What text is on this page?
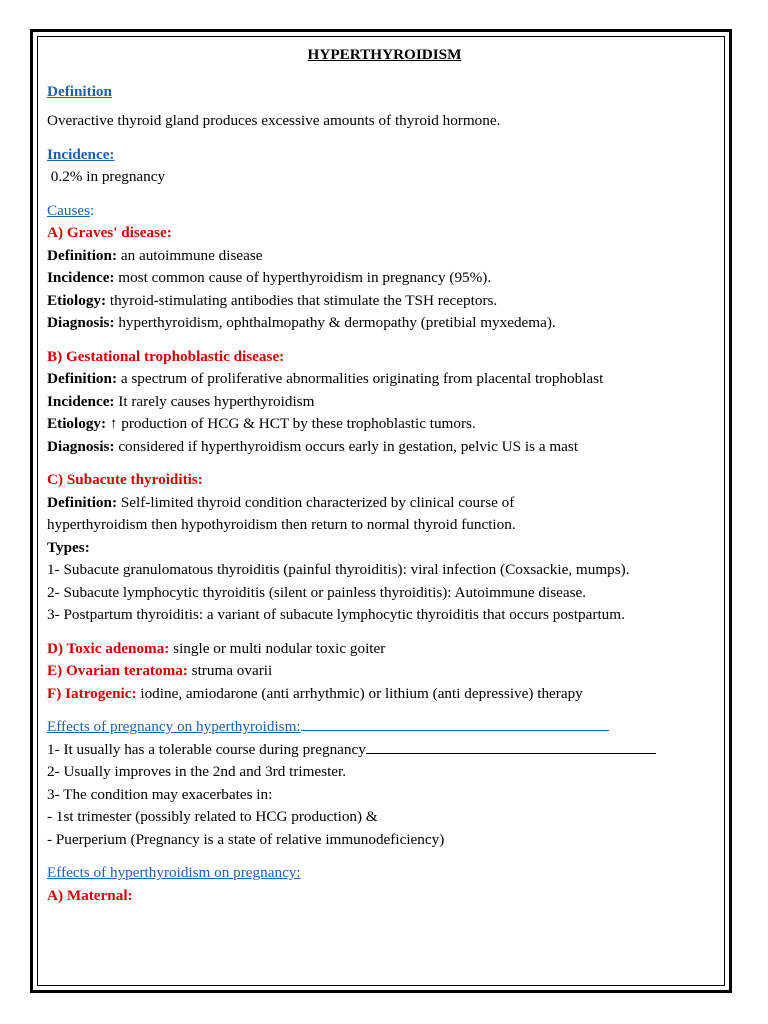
HYPERTHYROIDISM
Definition
Overactive thyroid gland produces excessive amounts of thyroid hormone.
Incidence:
0.2% in pregnancy
Causes:
A) Graves' disease:
Definition: an autoimmune disease
Incidence: most common cause of hyperthyroidism in pregnancy (95%).
Etiology: thyroid-stimulating antibodies that stimulate the TSH receptors.
Diagnosis: hyperthyroidism, ophthalmopathy & dermopathy (pretibial myxedema).
B) Gestational trophoblastic disease:
Definition: a spectrum of proliferative abnormalities originating from placental trophoblast
Incidence: It rarely causes hyperthyroidism
Etiology: ↑ production of HCG & HCT by these trophoblastic tumors.
Diagnosis: considered if hyperthyroidism occurs early in gestation, pelvic US is a mast
C) Subacute thyroiditis:
Definition: Self-limited thyroid condition characterized by clinical course of hyperthyroidism then hypothyroidism then return to normal thyroid function.
Types:
1- Subacute granulomatous thyroiditis (painful thyroiditis): viral infection (Coxsackie, mumps).
2- Subacute lymphocytic thyroiditis (silent or painless thyroiditis): Autoimmune disease.
3- Postpartum thyroiditis: a variant of subacute lymphocytic thyroiditis that occurs postpartum.
D) Toxic adenoma: single or multi nodular toxic goiter
E) Ovarian teratoma: struma ovarii
F) Iatrogenic: iodine, amiodarone (anti arrhythmic) or lithium (anti depressive) therapy
Effects of pregnancy on hyperthyroidism:
1- It usually has a tolerable course during pregnancy
2- Usually improves in the 2nd and 3rd trimester.
3- The condition may exacerbates in:
- 1st trimester (possibly related to HCG production) &
- Puerperium (Pregnancy is a state of relative immunodeficiency)
Effects of hyperthyroidism on pregnancy:
A) Maternal:
